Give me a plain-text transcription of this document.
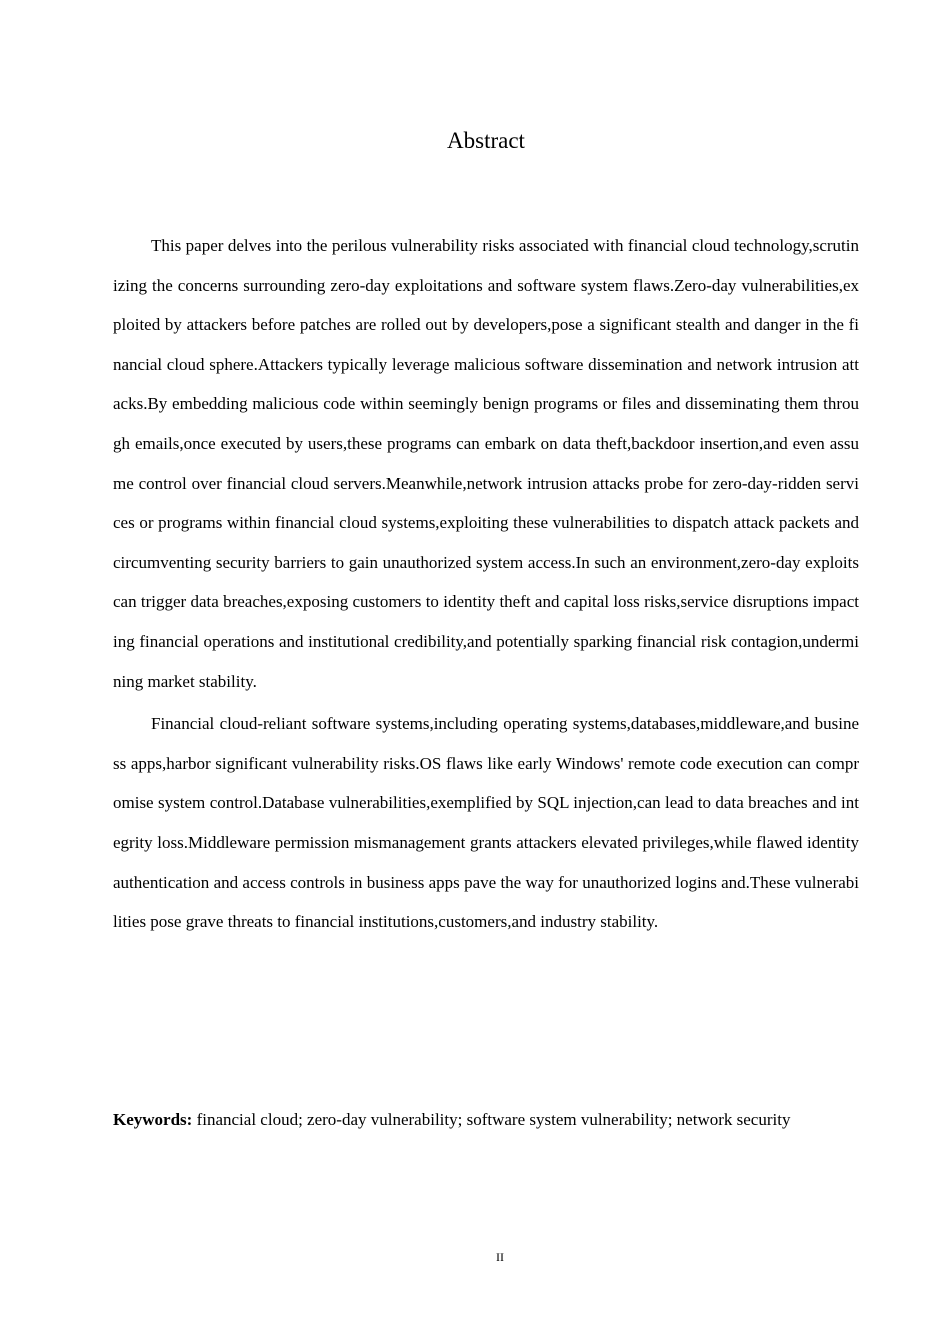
Abstract

This paper delves into the perilous vulnerability risks associated with financial cloud technology,scrutinizing the concerns surrounding zero-day exploitations and software system flaws.Zero-day vulnerabilities,exploited by attackers before patches are rolled out by developers,pose a significant stealth and danger in the financial cloud sphere.Attackers typically leverage malicious software dissemination and network intrusion attacks.By embedding malicious code within seemingly benign programs or files and disseminating them through emails,once executed by users,these programs can embark on data theft,backdoor insertion,and even assume control over financial cloud servers.Meanwhile,network intrusion attacks probe for zero-day-ridden services or programs within financial cloud systems,exploiting these vulnerabilities to dispatch attack packets and circumventing security barriers to gain unauthorized system access.In such an environment,zero-day exploits can trigger data breaches,exposing customers to identity theft and capital loss risks,service disruptions impacting financial operations and institutional credibility,and potentially sparking financial risk contagion,undermining market stability.

Financial cloud-reliant software systems,including operating systems,databases,middleware,and business apps,harbor significant vulnerability risks.OS flaws like early Windows' remote code execution can compromise system control.Database vulnerabilities,exemplified by SQL injection,can lead to data breaches and integrity loss.Middleware permission mismanagement grants attackers elevated privileges,while flawed identity authentication and access controls in business apps pave the way for unauthorized logins and.These vulnerabilities pose grave threats to financial institutions,customers,and industry stability.

Keywords: financial cloud; zero-day vulnerability; software system vulnerability; network security

II
